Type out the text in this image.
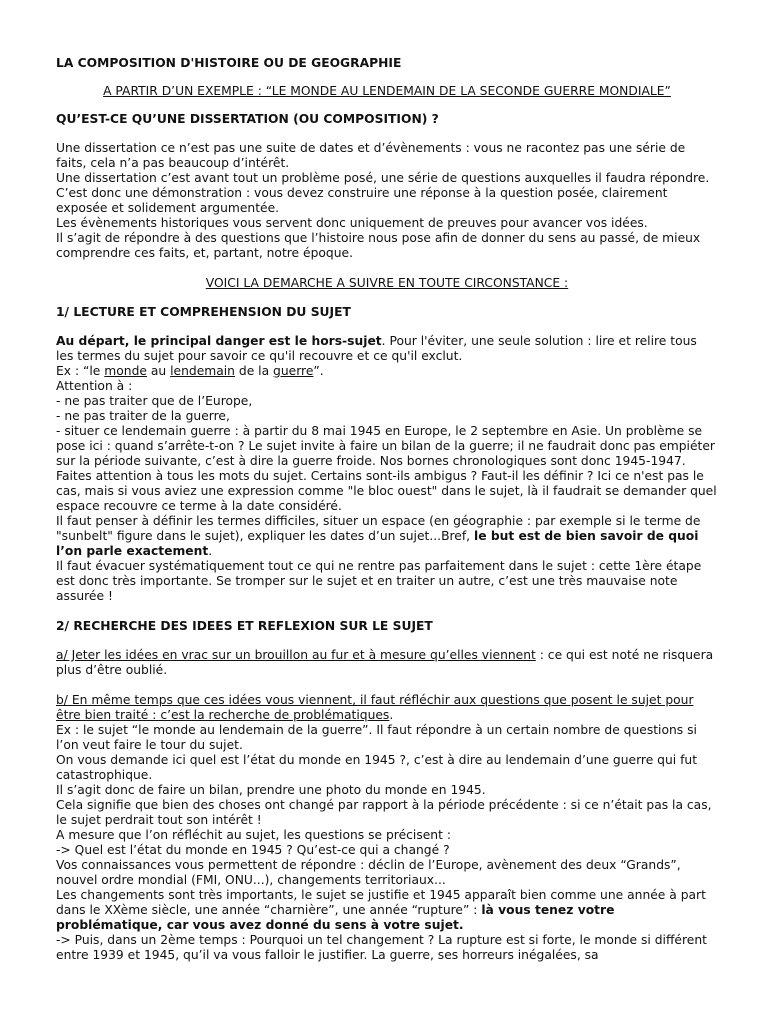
LA COMPOSITION D'HISTOIRE OU DE GEOGRAPHIE
A PARTIR D’UN EXEMPLE : “LE MONDE AU LENDEMAIN DE LA SECONDE GUERRE MONDIALE”
QU’EST-CE QU’UNE DISSERTATION (OU COMPOSITION) ?

Une dissertation ce n’est pas une suite de dates et d’évènements : vous ne racontez pas une série de faits, cela n’a pas beaucoup d’intérêt.

Une dissertation c’est avant tout un problème posé, une série de questions auxquelles il faudra répondre.

C’est donc une démonstration : vous devez construire une réponse à la question posée, clairement exposée et solidement argumentée.

Les évènements historiques vous servent donc uniquement de preuves pour avancer vos idées.

Il s’agit de répondre à des questions que l’histoire nous pose afin de donner du sens au passé, de mieux comprendre ces faits, et, partant, notre époque.

VOICI LA DEMARCHE A SUIVRE EN TOUTE CIRCONSTANCE :
1/ LECTURE ET COMPREHENSION DU SUJET

Au départ, le principal danger est le hors-sujet. Pour l'éviter, une seule solution : lire et relire tous les termes du sujet pour savoir ce qu'il recouvre et ce qu'il exclut.

Ex : “le monde au lendemain de la guerre”.

Attention à :

- ne pas traiter que de l’Europe,

- ne pas traiter de la guerre,

- situer ce lendemain guerre : à partir du 8 mai 1945 en Europe, le 2 septembre en Asie. Un problème se pose ici : quand s’arrête-t-on ? Le sujet invite à faire un bilan de la guerre; il ne faudrait donc pas empiéter sur la période suivante, c’est à dire la guerre froide. Nos bornes chronologiques sont donc 1945-1947.

Faites attention à tous les mots du sujet. Certains sont-ils ambigus ? Faut-il les définir ? Ici ce n'est pas le cas, mais si vous aviez une expression comme "le bloc ouest" dans le sujet, là il faudrait se demander quel espace recouvre ce terme à la date considéré.

Il faut penser à définir les termes difficiles, situer un espace (en géographie : par exemple si le terme de "sunbelt" figure dans le sujet), expliquer les dates d’un sujet...Bref, le but est de bien savoir de quoi l’on parle exactement.

Il faut évacuer systématiquement tout ce qui ne rentre pas parfaitement dans le sujet : cette 1ère étape est donc très importante. Se tromper sur le sujet et en traiter un autre, c’est une très mauvaise note assurée !

2/ RECHERCHE DES IDEES ET REFLEXION SUR LE SUJET

a/ Jeter les idées en vrac sur un brouillon au fur et à mesure qu’elles viennent : ce qui est noté ne risquera plus d’être oublié.

b/ En même temps que ces idées vous viennent, il faut réfléchir aux questions que posent le sujet pour être bien traité : c’est la recherche de problématiques.

Ex : le sujet “le monde au lendemain de la guerre”. Il faut répondre à un certain nombre de questions si l’on veut faire le tour du sujet.

On vous demande ici quel est l’état du monde en 1945 ?, c’est à dire au lendemain d’une guerre qui fut catastrophique.

Il s’agit donc de faire un bilan, prendre une photo du monde en 1945.

Cela signifie que bien des choses ont changé par rapport à la période précédente : si ce n’était pas la cas, le sujet perdrait tout son intérêt !

A mesure que l’on réfléchit au sujet, les questions se précisent :

-> Quel est l’état du monde en 1945 ? Qu’est-ce qui a changé ?

Vos connaissances vous permettent de répondre : déclin de l’Europe, avènement des deux “Grands”, nouvel ordre mondial (FMI, ONU...), changements territoriaux...

Les changements sont très importants, le sujet se justifie et 1945 apparaît bien comme une année à part dans le XXème siècle, une année “charnière”, une année “rupture” : là vous tenez votre problématique, car vous avez donné du sens à votre sujet.

-> Puis, dans un 2ème temps : Pourquoi un tel changement ? La rupture est si forte, le monde si différent entre 1939 et 1945, qu’il va vous falloir le justifier. La guerre, ses horreurs inégalées, sa
